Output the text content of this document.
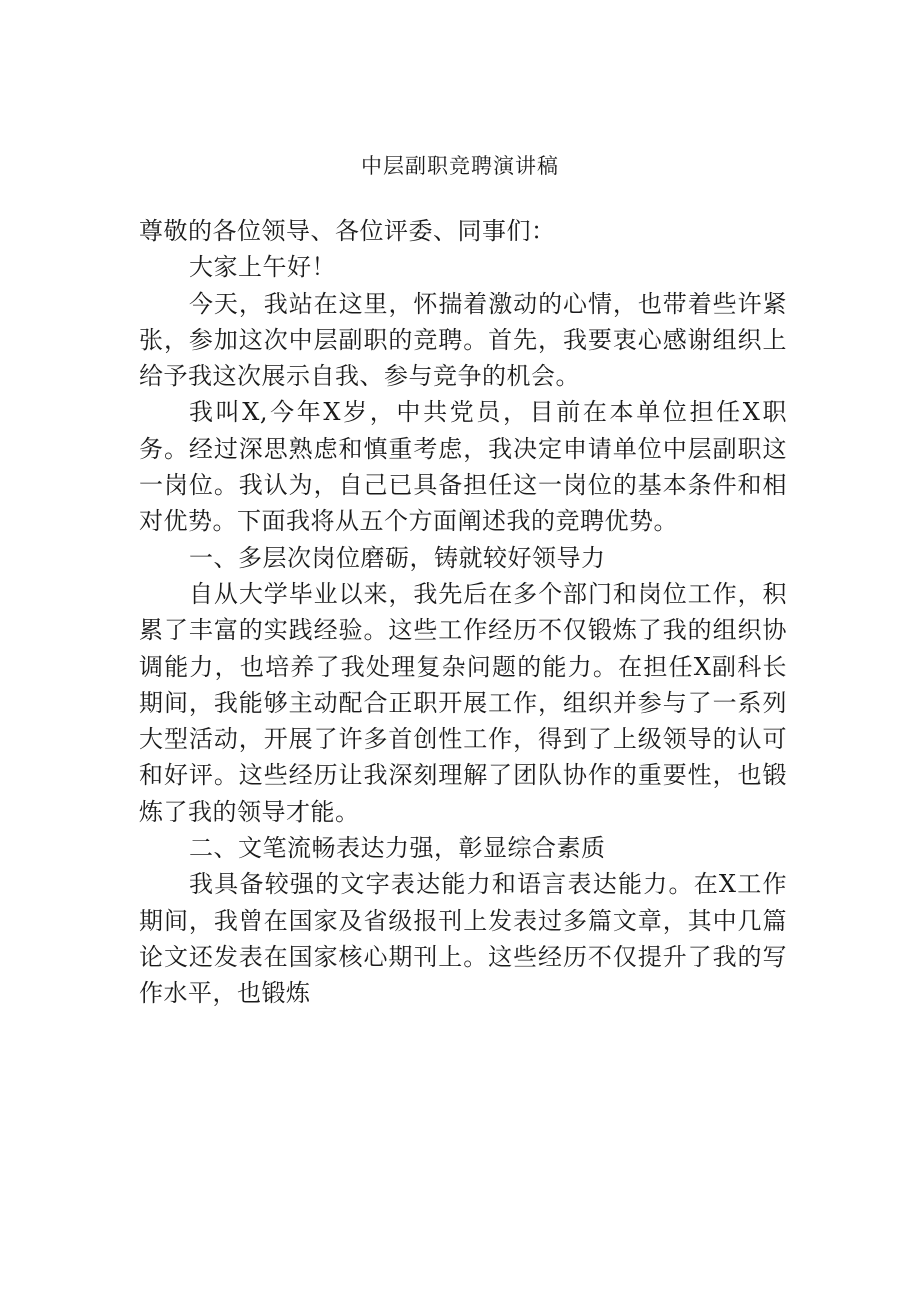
中层副职竞聘演讲稿

尊敬的各位领导、各位评委、同事们：

大家上午好！

今天，我站在这里，怀揣着激动的心情，也带着些许紧张，参加这次中层副职的竞聘。首先，我要衷心感谢组织上给予我这次展示自我、参与竞争的机会。

我叫X,今年X岁，中共党员，目前在本单位担任X职务。经过深思熟虑和慎重考虑，我决定申请单位中层副职这一岗位。我认为，自己已具备担任这一岗位的基本条件和相对优势。下面我将从五个方面阐述我的竞聘优势。

一、多层次岗位磨砺，铸就较好领导力

自从大学毕业以来，我先后在多个部门和岗位工作，积累了丰富的实践经验。这些工作经历不仅锻炼了我的组织协调能力，也培养了我处理复杂问题的能力。在担任X副科长期间，我能够主动配合正职开展工作，组织并参与了一系列大型活动，开展了许多首创性工作，得到了上级领导的认可和好评。这些经历让我深刻理解了团队协作的重要性，也锻炼了我的领导才能。

二、文笔流畅表达力强，彰显综合素质

我具备较强的文字表达能力和语言表达能力。在X工作期间，我曾在国家及省级报刊上发表过多篇文章，其中几篇论文还发表在国家核心期刊上。这些经历不仅提升了我的写作水平，也锻炼
